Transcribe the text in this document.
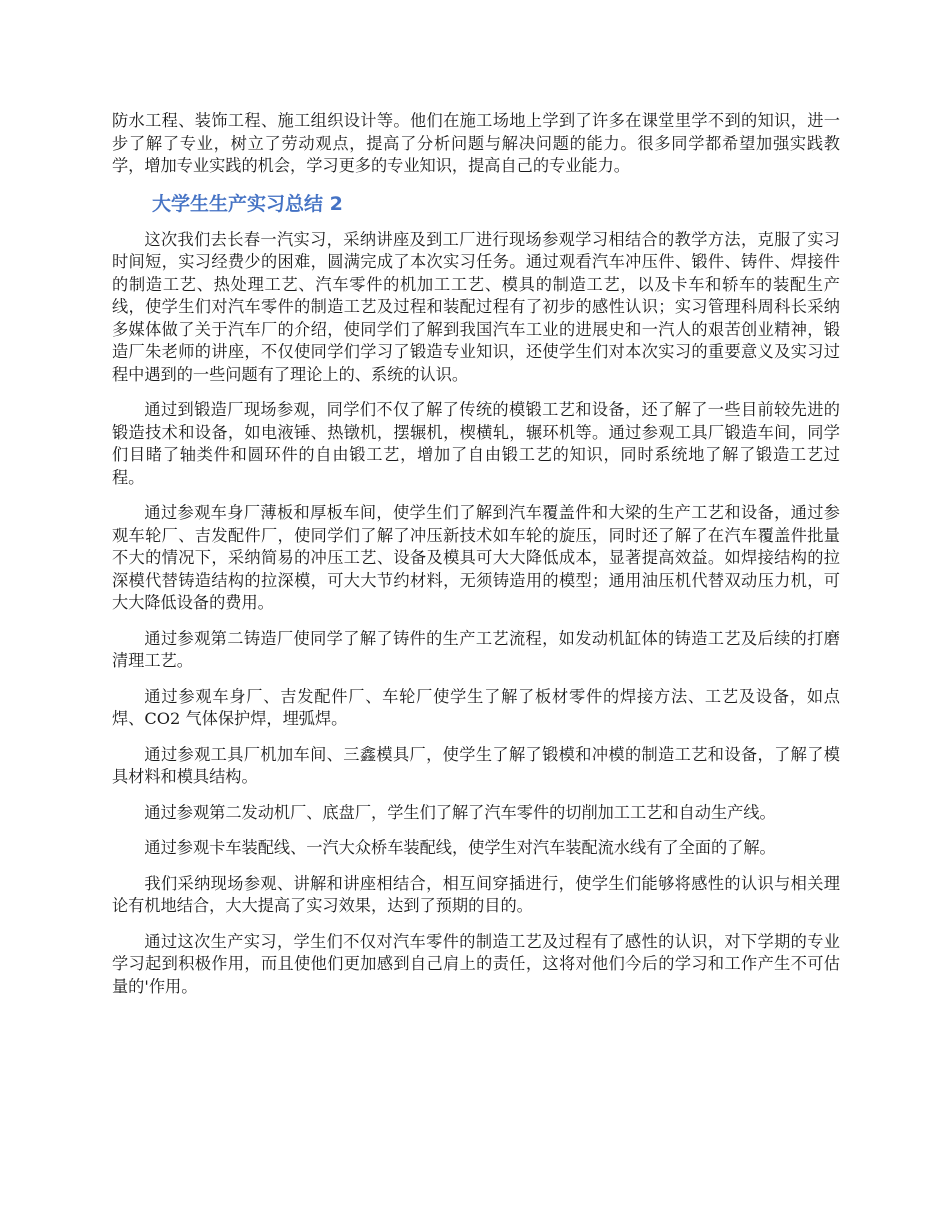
防水工程、装饰工程、施工组织设计等。他们在施工场地上学到了许多在课堂里学不到的知识，进一步了解了专业，树立了劳动观点，提高了分析问题与解决问题的能力。很多同学都希望加强实践教学，增加专业实践的机会，学习更多的专业知识，提高自己的专业能力。

大学生生产实习总结 2

这次我们去长春一汽实习，采纳讲座及到工厂进行现场参观学习相结合的教学方法，克服了实习时间短，实习经费少的困难，圆满完成了本次实习任务。通过观看汽车冲压件、锻件、铸件、焊接件的制造工艺、热处理工艺、汽车零件的机加工工艺、模具的制造工艺，以及卡车和轿车的装配生产线，使学生们对汽车零件的制造工艺及过程和装配过程有了初步的感性认识；实习管理科周科长采纳多媒体做了关于汽车厂的介绍，使同学们了解到我国汽车工业的进展史和一汽人的艰苦创业精神，锻造厂朱老师的讲座，不仅使同学们学习了锻造专业知识，还使学生们对本次实习的重要意义及实习过程中遇到的一些问题有了理论上的、系统的认识。

通过到锻造厂现场参观，同学们不仅了解了传统的模锻工艺和设备，还了解了一些目前较先进的锻造技术和设备，如电液锤、热镦机，摆辗机，楔横轧，辗环机等。通过参观工具厂锻造车间，同学们目睹了轴类件和圆环件的自由锻工艺，增加了自由锻工艺的知识，同时系统地了解了锻造工艺过程。

通过参观车身厂薄板和厚板车间，使学生们了解到汽车覆盖件和大梁的生产工艺和设备，通过参观车轮厂、吉发配件厂，使同学们了解了冲压新技术如车轮的旋压，同时还了解了在汽车覆盖件批量不大的情况下，采纳简易的冲压工艺、设备及模具可大大降低成本，显著提高效益。如焊接结构的拉深模代替铸造结构的拉深模，可大大节约材料，无须铸造用的模型；通用油压机代替双动压力机，可大大降低设备的费用。

通过参观第二铸造厂使同学了解了铸件的生产工艺流程，如发动机缸体的铸造工艺及后续的打磨清理工艺。

通过参观车身厂、吉发配件厂、车轮厂使学生了解了板材零件的焊接方法、工艺及设备，如点焊、CO2 气体保护焊，埋弧焊。

通过参观工具厂机加车间、三鑫模具厂，使学生了解了锻模和冲模的制造工艺和设备，了解了模具材料和模具结构。

通过参观第二发动机厂、底盘厂，学生们了解了汽车零件的切削加工工艺和自动生产线。

通过参观卡车装配线、一汽大众桥车装配线，使学生对汽车装配流水线有了全面的了解。

我们采纳现场参观、讲解和讲座相结合，相互间穿插进行，使学生们能够将感性的认识与相关理论有机地结合，大大提高了实习效果，达到了预期的目的。

通过这次生产实习，学生们不仅对汽车零件的制造工艺及过程有了感性的认识，对下学期的专业学习起到积极作用，而且使他们更加感到自己肩上的责任，这将对他们今后的学习和工作产生不可估量的'作用。
